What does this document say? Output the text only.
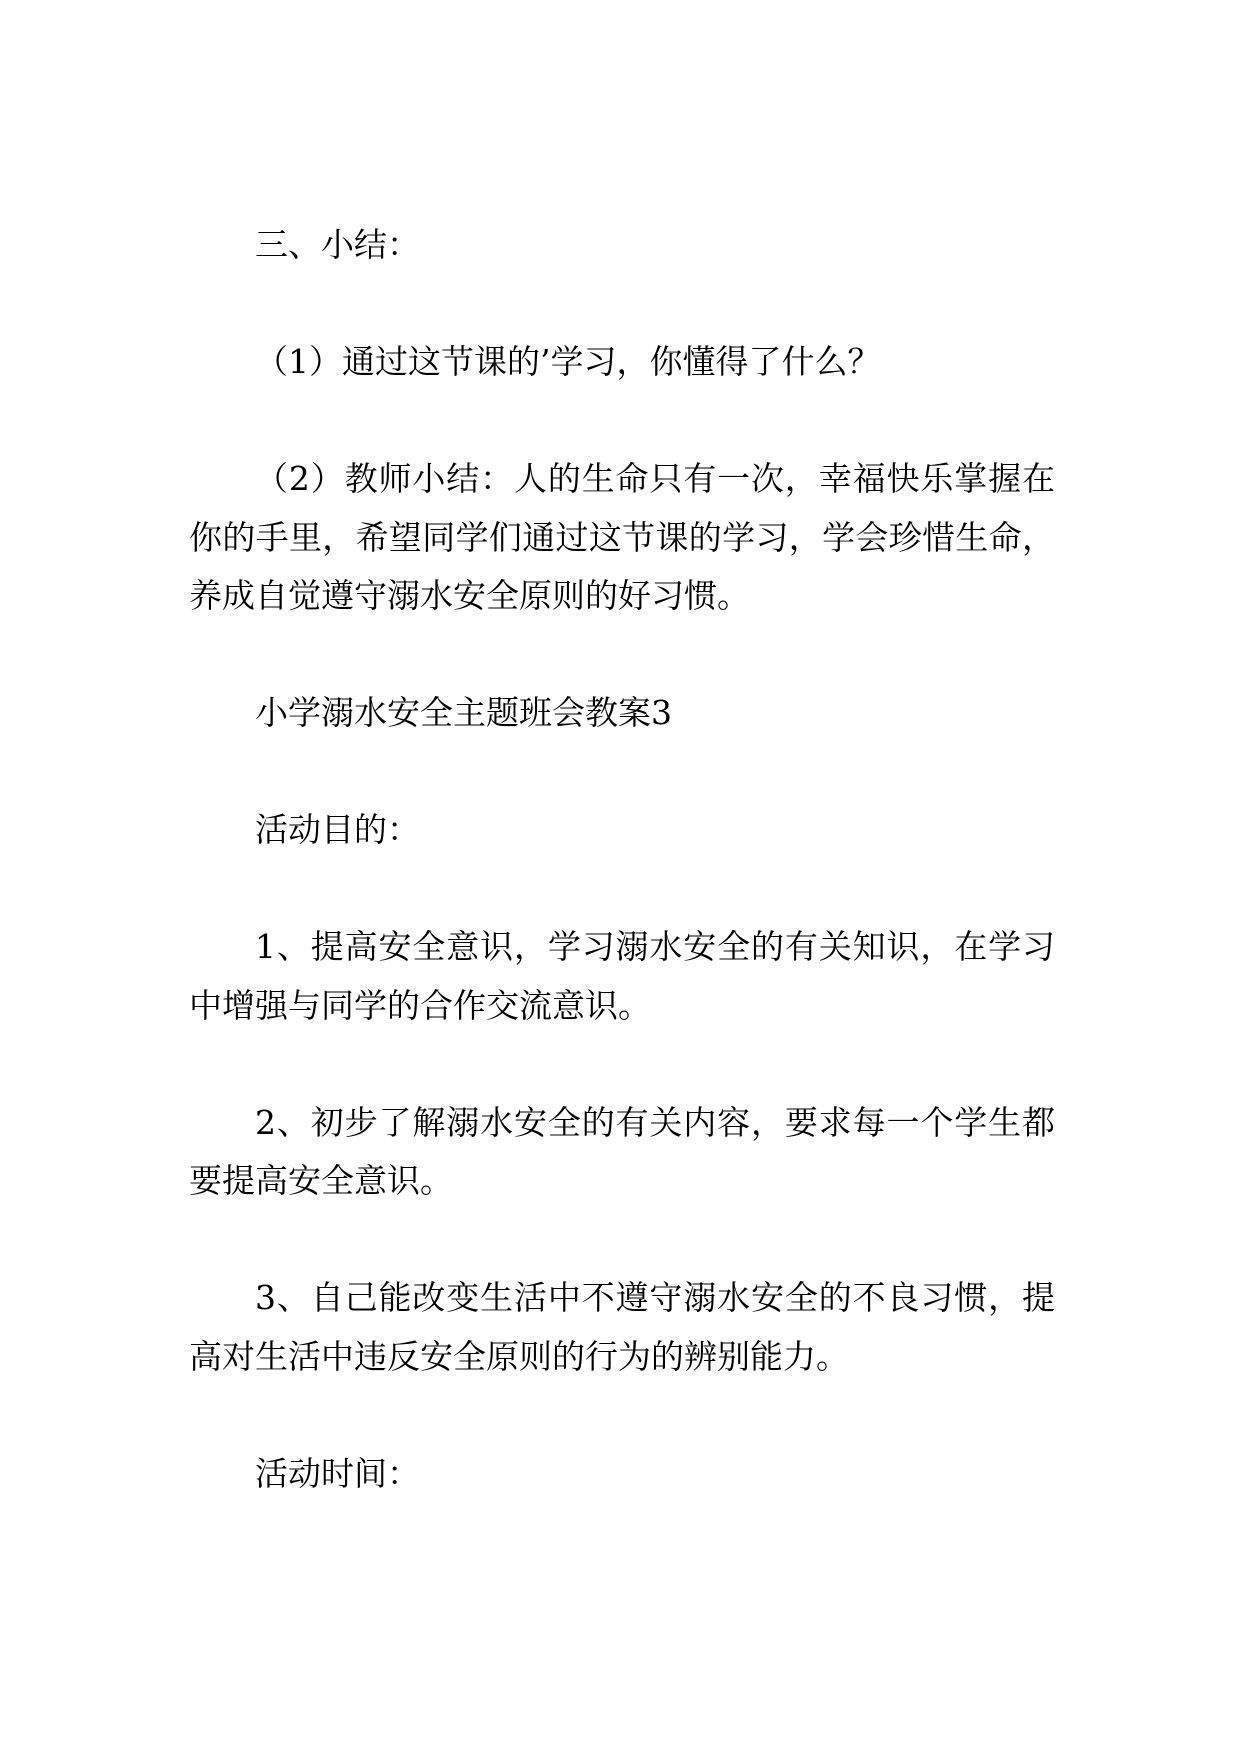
三、小结：
（1）通过这节课的’学习，你懂得了什么？
（2）教师小结：人的生命只有一次，幸福快乐掌握在
你的手里，希望同学们通过这节课的学习，学会珍惜生命，
养成自觉遵守溺水安全原则的好习惯。
小学溺水安全主题班会教案3
活动目的：
1、提高安全意识，学习溺水安全的有关知识，在学习
中增强与同学的合作交流意识。
2、初步了解溺水安全的有关内容，要求每一个学生都
要提高安全意识。
3、自己能改变生活中不遵守溺水安全的不良习惯，提
高对生活中违反安全原则的行为的辨别能力。
活动时间：
